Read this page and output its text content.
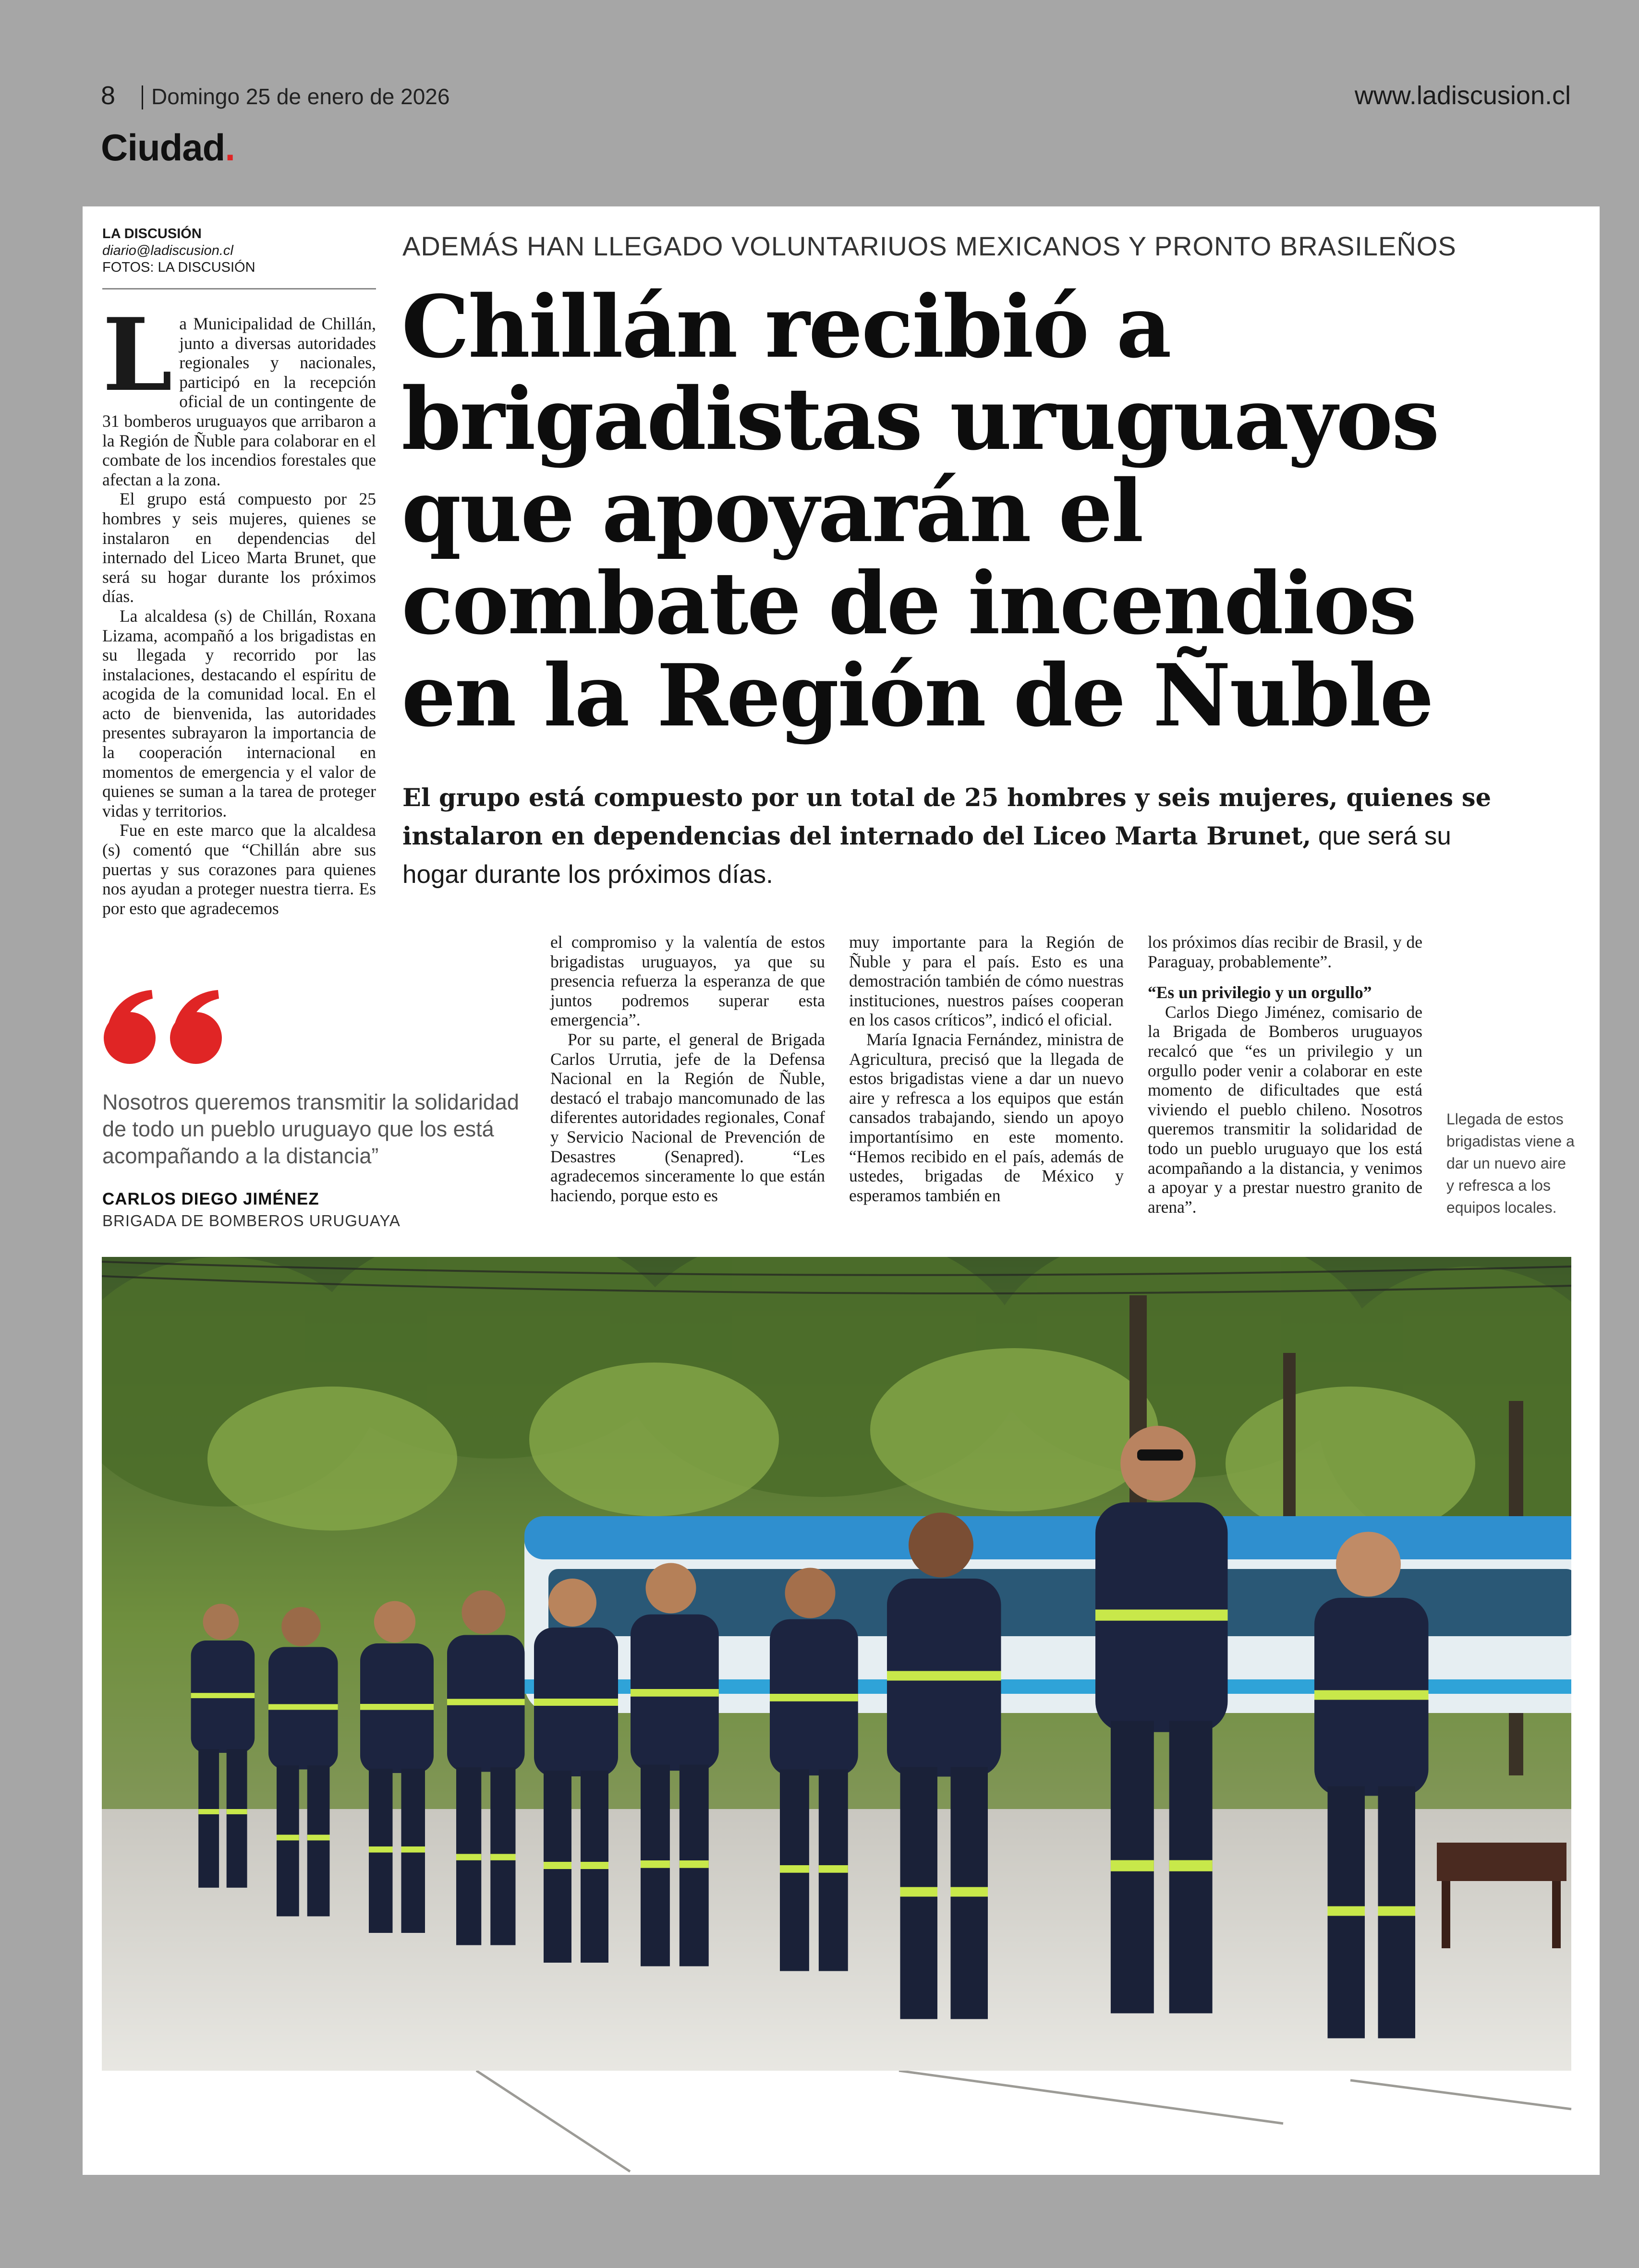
8 Domingo 25 de enero de 2026	www.ladiscusion.cl
Ciudad.
LA DISCUSIÓN
diario@ladiscusion.cl
FOTOS: LA DISCUSIÓN
ADEMÁS HAN LLEGADO VOLUNTARIUOS MEXICANOS Y PRONTO BRASILEÑOS
Chillán recibió a brigadistas uruguayos que apoyarán el combate de incendios en la Región de Ñuble

El grupo está compuesto por un total de 25 hombres y seis mujeres, quienes se instalaron en dependencias del internado del Liceo Marta Brunet, que será su hogar durante los próximos días.

La Municipalidad de Chillán, junto a diversas autoridades regionales y nacionales, participó en la recepción oficial de un contingente de 31 bomberos uruguayos que arribaron a la Región de Ñuble para colaborar en el combate de los incendios forestales que afectan a la zona.

El grupo está compuesto por 25 hombres y seis mujeres, quienes se instalaron en dependencias del internado del Liceo Marta Brunet, que será su hogar durante los próximos días.

La alcaldesa (s) de Chillán, Roxana Lizama, acompañó a los brigadistas en su llegada y recorrido por las instalaciones, destacando el espíritu de acogida de la comunidad local. En el acto de bienvenida, las autoridades presentes subrayaron la importancia de la cooperación internacional en momentos de emergencia y el valor de quienes se suman a la tarea de proteger vidas y territorios.

Fue en este marco que la alcaldesa (s) comentó que “Chillán abre sus puertas y sus corazones para quienes nos ayudan a proteger nuestra tierra. Es por esto que agradecemos

el compromiso y la valentía de estos brigadistas uruguayos, ya que su presencia refuerza la esperanza de que juntos podremos superar esta emergencia”.

Por su parte, el general de Brigada Carlos Urrutia, jefe de la Defensa Nacional en la Región de Ñuble, destacó el trabajo mancomunado de las diferentes autoridades regionales, Conaf y Servicio Nacional de Prevención de Desastres (Senapred). “Les agradecemos sinceramente lo que están haciendo, porque esto es

muy importante para la Región de Ñuble y para el país. Esto es una demostración también de cómo nuestras instituciones, nuestros países cooperan en los casos críticos”, indicó el oficial.

María Ignacia Fernández, ministra de Agricultura, precisó que la llegada de estos brigadistas viene a dar un nuevo aire y refresca a los equipos que están cansados trabajando, siendo un apoyo importantísimo en este momento. “Hemos recibido en el país, además de ustedes, brigadas de México y esperamos también en

los próximos días recibir de Brasil, y de Paraguay, probablemente”.

“Es un privilegio y un orgullo”

Carlos Diego Jiménez, comisario de la Brigada de Bomberos uruguayos recalcó que “es un privilegio y un orgullo poder venir a colaborar en este momento de dificultades que está viviendo el pueblo chileno. Nosotros queremos transmitir la solidaridad de todo un pueblo uruguayo que los está acompañando a la distancia, y venimos a apoyar y a prestar nuestro granito de arena”.

Nosotros queremos transmitir la solidaridad de todo un pueblo uruguayo que los está acompañando a la distancia”
CARLOS DIEGO JIMÉNEZ
BRIGADA DE BOMBEROS URUGUAYA
Llegada de estos brigadistas viene a dar un nuevo aire y refresca a los equipos locales.
